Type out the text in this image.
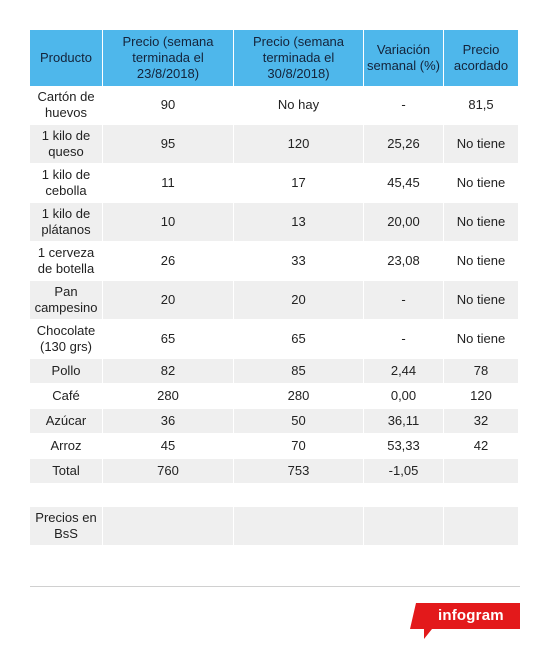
Producto	Precio (semana terminada el 23/8/2018)	Precio (semana terminada el 30/8/2018)	Variación semanal (%)	Precio acordado
Cartón de huevos	90	No hay	-	81,5
1 kilo de queso	95	120	25,26	No tiene
1 kilo de cebolla	11	17	45,45	No tiene
1 kilo de plátanos	10	13	20,00	No tiene
1 cerveza de botella	26	33	23,08	No tiene
Pan campesino	20	20	-	No tiene
Chocolate (130 grs)	65	65	-	No tiene
Pollo	82	85	2,44	78
Café	280	280	0,00	120
Azúcar	36	50	36,11	32
Arroz	45	70	53,33	42
Total	760	753	-1,05	

Precios en BsS				
infogram
